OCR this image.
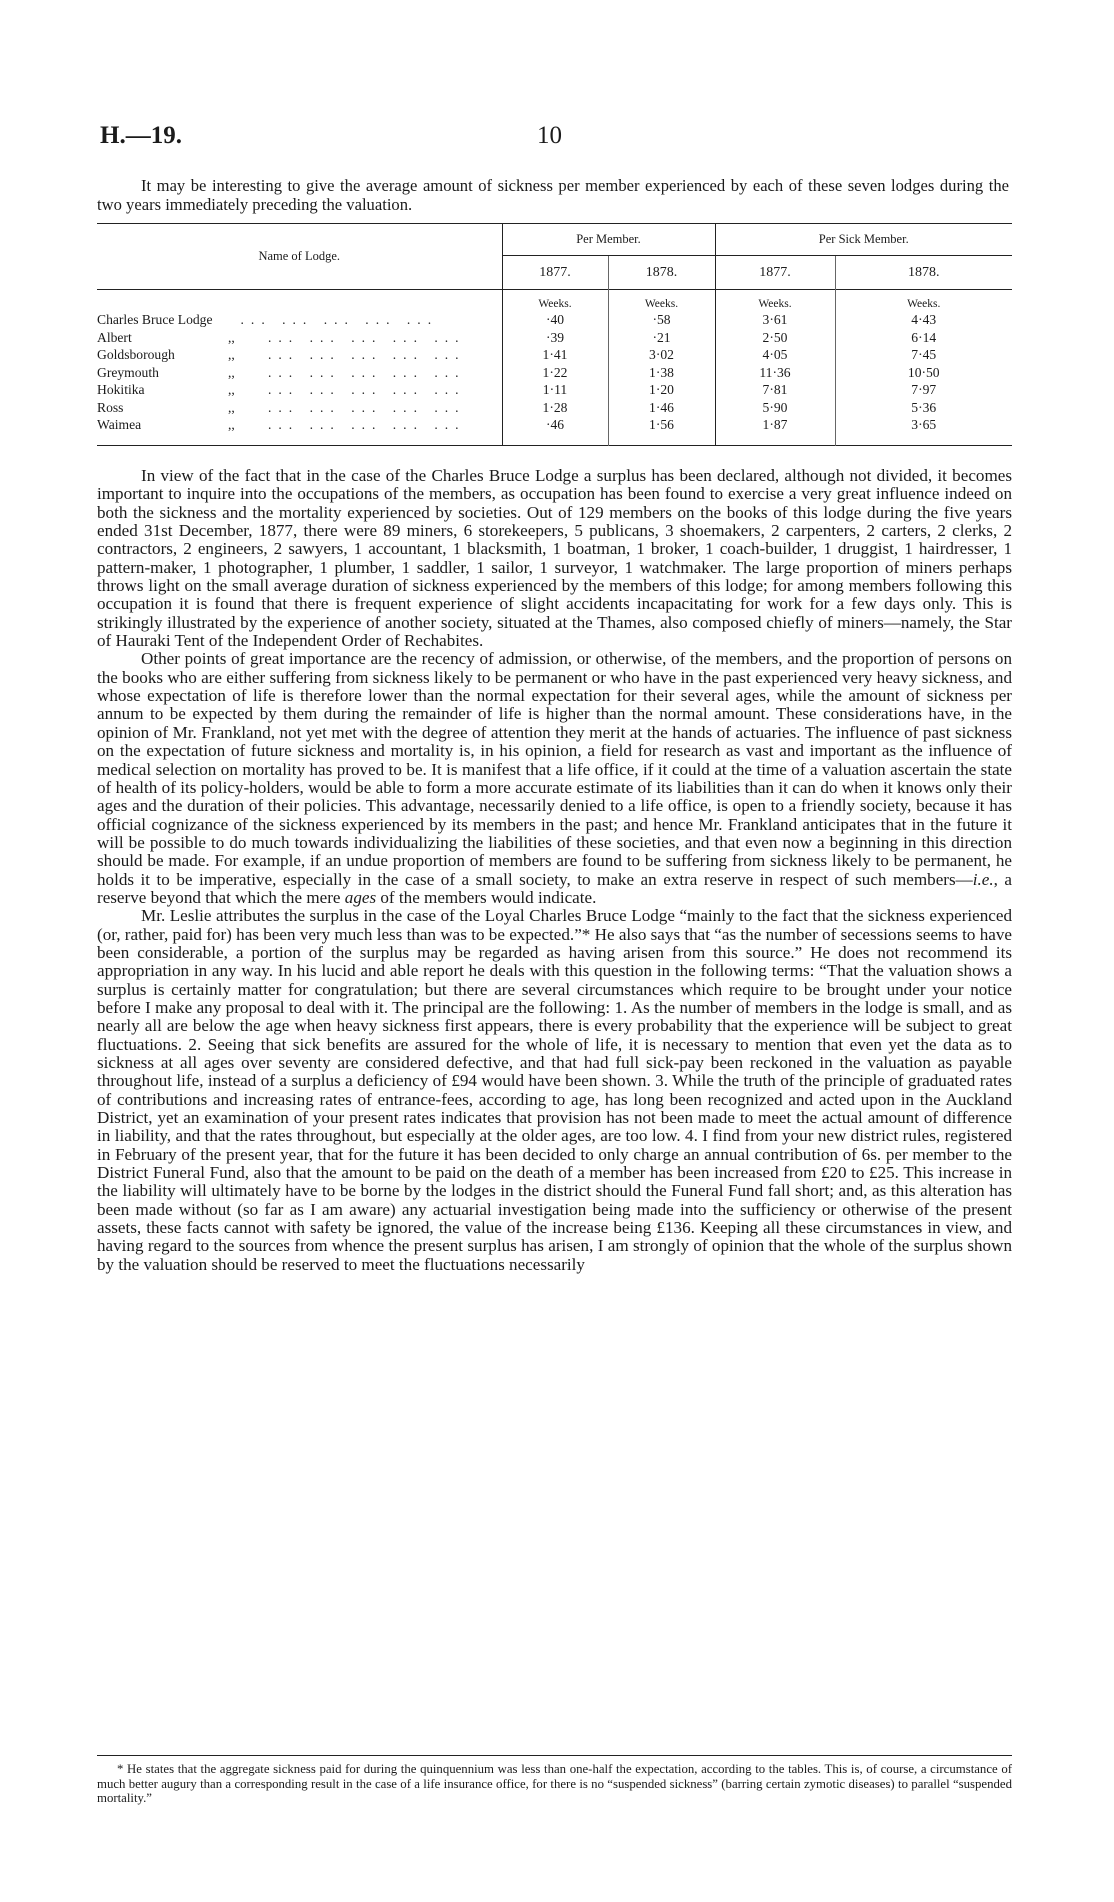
H.—19.	10

It may be interesting to give the average amount of sickness per member experienced by each of these seven lodges during the two years immediately preceding the valuation.

Name of Lodge.	Per Member.		Per Sick Member.	
	1877.	1878.	1877.	1878.
	Weeks.	Weeks.	Weeks.	Weeks.
Charles Bruce Lodge ... ... ... ... ...	·40	·58	3·61	4·43
Albert ,, ... ... ... ... ...	·39	·21	2·50	6·14
Goldsborough ,, ... ... ... ... ...	1·41	3·02	4·05	7·45
Greymouth ,, ... ... ... ... ...	1·22	1·38	11·36	10·50
Hokitika ,, ... ... ... ... ...	1·11	1·20	7·81	7·97
Ross ,, ... ... ... ... ...	1·28	1·46	5·90	5·36
Waimea ,, ... ... ... ... ...	·46	1·56	1·87	3·65

In view of the fact that in the case of the Charles Bruce Lodge a surplus has been declared, although not divided, it becomes important to inquire into the occupations of the members, as occupation has been found to exercise a very great influence indeed on both the sickness and the mortality experienced by societies. Out of 129 members on the books of this lodge during the five years ended 31st December, 1877, there were 89 miners, 6 storekeepers, 5 publicans, 3 shoemakers, 2 carpenters, 2 carters, 2 clerks, 2 contractors, 2 engineers, 2 sawyers, 1 accountant, 1 blacksmith, 1 boatman, 1 broker, 1 coach-builder, 1 druggist, 1 hairdresser, 1 pattern-maker, 1 photographer, 1 plumber, 1 saddler, 1 sailor, 1 surveyor, 1 watchmaker. The large proportion of miners perhaps throws light on the small average duration of sickness experienced by the members of this lodge; for among members following this occupation it is found that there is frequent experience of slight accidents incapacitating for work for a few days only. This is strikingly illustrated by the experience of another society, situated at the Thames, also composed chiefly of miners—namely, the Star of Hauraki Tent of the Independent Order of Rechabites.

Other points of great importance are the recency of admission, or otherwise, of the members, and the proportion of persons on the books who are either suffering from sickness likely to be permanent or who have in the past experienced very heavy sickness, and whose expectation of life is therefore lower than the normal expectation for their several ages, while the amount of sickness per annum to be expected by them during the remainder of life is higher than the normal amount. These considerations have, in the opinion of Mr. Frankland, not yet met with the degree of attention they merit at the hands of actuaries. The influence of past sickness on the expectation of future sickness and mortality is, in his opinion, a field for research as vast and important as the influence of medical selection on mortality has proved to be. It is manifest that a life office, if it could at the time of a valuation ascertain the state of health of its policy-holders, would be able to form a more accurate estimate of its liabilities than it can do when it knows only their ages and the duration of their policies. This advantage, necessarily denied to a life office, is open to a friendly society, because it has official cognizance of the sickness experienced by its members in the past; and hence Mr. Frankland anticipates that in the future it will be possible to do much towards individualizing the liabilities of these societies, and that even now a beginning in this direction should be made. For example, if an undue proportion of members are found to be suffering from sickness likely to be permanent, he holds it to be imperative, especially in the case of a small society, to make an extra reserve in respect of such members—i.e., a reserve beyond that which the mere ages of the members would indicate.

Mr. Leslie attributes the surplus in the case of the Loyal Charles Bruce Lodge “mainly to the fact that the sickness experienced (or, rather, paid for) has been very much less than was to be expected.”* He also says that “as the number of secessions seems to have been considerable, a portion of the surplus may be regarded as having arisen from this source.” He does not recommend its appropriation in any way. In his lucid and able report he deals with this question in the following terms: “That the valuation shows a surplus is certainly matter for congratulation; but there are several circumstances which require to be brought under your notice before I make any proposal to deal with it. The principal are the following: 1. As the number of members in the lodge is small, and as nearly all are below the age when heavy sickness first appears, there is every probability that the experience will be subject to great fluctuations. 2. Seeing that sick benefits are assured for the whole of life, it is necessary to mention that even yet the data as to sickness at all ages over seventy are considered defective, and that had full sick-pay been reckoned in the valuation as payable throughout life, instead of a surplus a deficiency of £94 would have been shown. 3. While the truth of the principle of graduated rates of contributions and increasing rates of entrance-fees, according to age, has long been recognized and acted upon in the Auckland District, yet an examination of your present rates indicates that provision has not been made to meet the actual amount of difference in liability, and that the rates throughout, but especially at the older ages, are too low. 4. I find from your new district rules, registered in February of the present year, that for the future it has been decided to only charge an annual contribution of 6s. per member to the District Funeral Fund, also that the amount to be paid on the death of a member has been increased from £20 to £25. This increase in the liability will ultimately have to be borne by the lodges in the district should the Funeral Fund fall short; and, as this alteration has been made without (so far as I am aware) any actuarial investigation being made into the sufficiency or otherwise of the present assets, these facts cannot with safety be ignored, the value of the increase being £136. Keeping all these circumstances in view, and having regard to the sources from whence the present surplus has arisen, I am strongly of opinion that the whole of the surplus shown by the valuation should be reserved to meet the fluctuations necessarily

* He states that the aggregate sickness paid for during the quinquennium was less than one-half the expectation, according to the tables. This is, of course, a circumstance of much better augury than a corresponding result in the case of a life insurance office, for there is no “suspended sickness” (barring certain zymotic diseases) to parallel “suspended mortality.”
